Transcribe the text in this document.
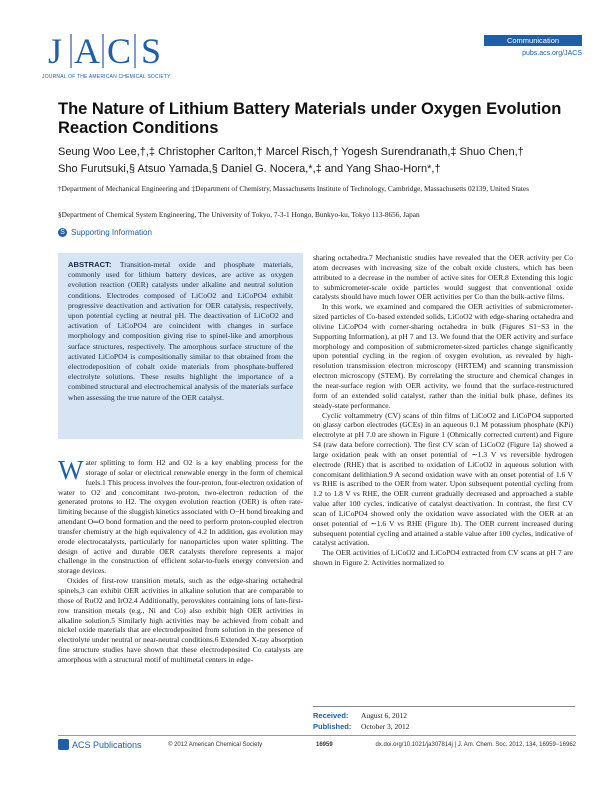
J A C S
JOURNAL OF THE AMERICAN CHEMICAL SOCIETY
Communication
pubs.acs.org/JACS
The Nature of Lithium Battery Materials under Oxygen Evolution Reaction Conditions
Seung Woo Lee,†,‡ Christopher Carlton,† Marcel Risch,† Yogesh Surendranath,‡ Shuo Chen,†
Sho Furutsuki,§ Atsuo Yamada,§ Daniel G. Nocera,*,‡ and Yang Shao-Horn*,†
†Department of Mechanical Engineering and ‡Department of Chemistry, Massachusetts Institute of Technology, Cambridge, Massachusetts 02139, United States
§Department of Chemical System Engineering, The University of Tokyo, 7-3-1 Hongo, Bunkyo-ku, Tokyo 113-8656, Japan
S Supporting Information
ABSTRACT: Transition-metal oxide and phosphate materials, commonly used for lithium battery devices, are active as oxygen evolution reaction (OER) catalysts under alkaline and neutral solution conditions. Electrodes composed of LiCoO2 and LiCoPO4 exhibit progressive deactivation and activation for OER catalysis, respectively, upon potential cycling at neutral pH. The deactivation of LiCoO2 and activation of LiCoPO4 are coincident with changes in surface morphology and composition giving rise to spinel-like and amorphous surface structures, respectively. The amorphous surface structure of the activated LiCoPO4 is compositionally similar to that obtained from the electrodeposition of cobalt oxide materials from phosphate-buffered electrolyte solutions. These results highlight the importance of a combined structural and electrochemical analysis of the materials surface when assessing the true nature of the OER catalyst.

Water splitting to form H2 and O2 is a key enabling process for the storage of solar or electrical renewable energy in the form of chemical fuels.1 This process involves the four-proton, four-electron oxidation of water to O2 and concomitant two-proton, two-electron reduction of the generated protons to H2. The oxygen evolution reaction (OER) is often rate-limiting because of the sluggish kinetics associated with O−H bond breaking and attendant O═O bond formation and the need to perform proton-coupled electron transfer chemistry at the high equivalency of 4.2 In addition, gas evolution may erode electrocatalysts, particularly for nanoparticles upon water splitting. The design of active and durable OER catalysts therefore represents a major challenge in the construction of efficient solar-to-fuels energy conversion and storage devices.

Oxides of first-row transition metals, such as the edge-sharing octahedral spinels,3 can exhibit OER activities in alkaline solution that are comparable to those of RuO2 and IrO2.4 Additionally, perovskites containing ions of late-first-row transition metals (e.g., Ni and Co) also exhibit high OER activities in alkaline solution.5 Similarly high activities may be achieved from cobalt and nickel oxide materials that are electrodeposited from solution in the presence of electrolyte under neutral or near-neutral conditions.6 Extended X-ray absorption fine structure studies have shown that these electrodeposited Co catalysts are amorphous with a structural motif of multimetal centers in edge-

sharing octahedra.7 Mechanistic studies have revealed that the OER activity per Co atom decreases with increasing size of the cobalt oxide clusters, which has been attributed to a decrease in the number of active sites for OER.8 Extending this logic to submicrometer-scale oxide particles would suggest that conventional oxide catalysts should have much lower OER activities per Co than the bulk-active films.

In this work, we examined and compared the OER activities of submicrometer-sized particles of Co-based extended solids, LiCoO2 with edge-sharing octahedra and olivine LiCoPO4 with corner-sharing octahedra in bulk (Figures S1−S3 in the Supporting Information), at pH 7 and 13. We found that the OER activity and surface morphology and composition of submicrometer-sized particles change significantly upon potential cycling in the region of oxygen evolution, as revealed by high-resolution transmission electron microscopy (HRTEM) and scanning transmission electron microscopy (STEM). By correlating the structure and chemical changes in the near-surface region with OER activity, we found that the surface-restructured form of an extended solid catalyst, rather than the initial bulk phase, defines its steady-state performance.

Cyclic voltammetry (CV) scans of thin films of LiCoO2 and LiCoPO4 supported on glassy carbon electrodes (GCEs) in an aqueous 0.1 M potassium phosphate (KPi) electrolyte at pH 7.0 are shown in Figure 1 (Ohmically corrected current) and Figure S4 (raw data before correction). The first CV scan of LiCoO2 (Figure 1a) showed a large oxidation peak with an onset potential of ∼1.3 V vs reversible hydrogen electrode (RHE) that is ascribed to oxidation of LiCoO2 in aqueous solution with concomitant delithiation.9 A second oxidation wave with an onset potential of 1.6 V vs RHE is ascribed to the OER from water. Upon subsequent potential cycling from 1.2 to 1.8 V vs RHE, the OER current gradually decreased and approached a stable value after 100 cycles, indicative of catalyst deactivation. In contrast, the first CV scan of LiCoPO4 showed only the oxidation wave associated with the OER at an onset potential of ∼1.6 V vs RHE (Figure 1b). The OER current increased during subsequent potential cycling and attained a stable value after 100 cycles, indicative of catalyst activation.

The OER activities of LiCoO2 and LiCoPO4 extracted from CV scans at pH 7 are shown in Figure 2. Activities normalized to

Received: August 6, 2012
Published: October 3, 2012
ACS Publications	© 2012 American Chemical Society	16959	dx.doi.org/10.1021/ja307814j | J. Am. Chem. Soc. 2012, 134, 16959−16962
